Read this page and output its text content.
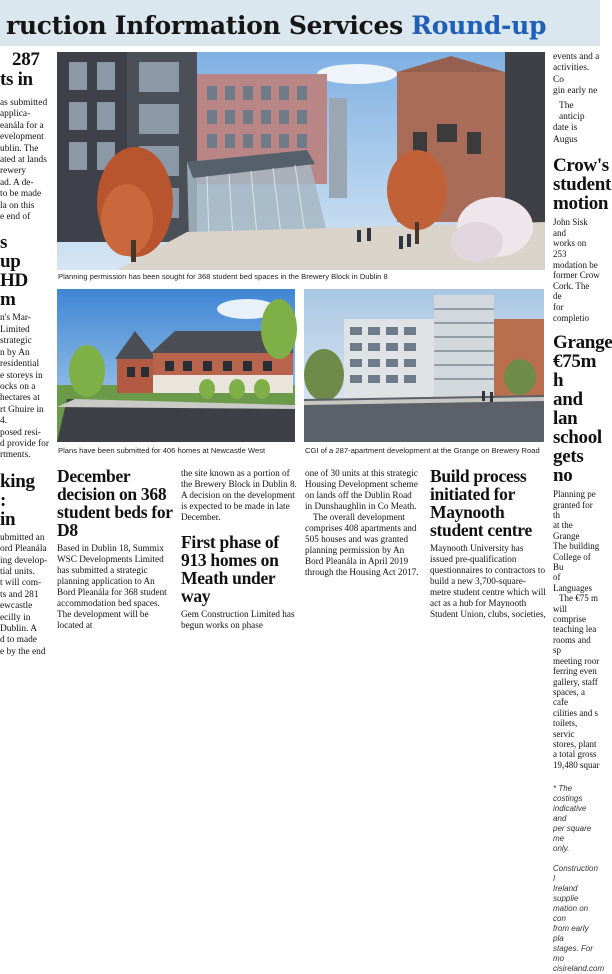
ruction Information Services Round-up
287
ts in

as submitted

applica-

eanála for a

evelopment

ublin. The

ated at lands

rewery

ad. A de-

to be made

la on this

e end of

s
up
HD
m

n's Mar-

Limited

strategic

n by An

residential

e storeys in

ocks on a

hectares at

rt Ghuire in

4.

posed resi-

d provide for

rtments.

king
:
in

ubmitted an

ord Pleanála

ing develop-

tial units.

t will com-

ts and 281

ewcastle

ecilly in

Dublin. A

d to made

e by the end

Planning permission has been sought for 368 student bed spaces in the Brewery Block in Dublin 8
Plans have been submitted for 406 homes at Newcastle West	CGI of a 287-apartment development at the Grange on Brewery Road

events and a

activities. Co

gin early ne

The anticip

date is Augus

Crow's
student
motion

John Sisk and

works on 253

modation be

former Crow

Cork. The de

for completio

Grange
€75m h
and lan
school
gets no

Planning pe

granted for th

at the Grange

The building

College of Bu

of Languages

The €75 m

will comprise

teaching lea

rooms and sp

meeting roor

ferring even

gallery, staff

spaces, a cafe

cilities and s

toilets, servic

stores, plant

a total gross

19,480 squar

* The costings

indicative and

per square me

only.

Construction I

Ireland supplie

mation on con

from early pla

stages. For mo

cisireland.com

December decision on 368 student beds for D8

Based in Dublin 18, Summix WSC Developments Limited has submitted a strategic planning application to An Bord Pleanála for 368 student accommodation bed spaces. The development will be located at

the site known as a portion of the Brewery Block in Dublin 8. A decision on the development is expected to be made in late December.

First phase of 913 homes on Meath under way

Gem Construction Limited has begun works on phase

one of 30 units at this strategic Housing Development scheme on lands off the Dublin Road in Dunshaughlin in Co Meath.

The overall development comprises 408 apartments and 505 houses and was granted planning permission by An Bord Pleanála in April 2019 through the Housing Act 2017.

Build process initiated for Maynooth student centre

Maynooth University has issued pre-qualification questionnaires to contractors to build a new 3,700-square-metre student centre which will act as a hub for Maynooth Student Union, clubs, societies,
